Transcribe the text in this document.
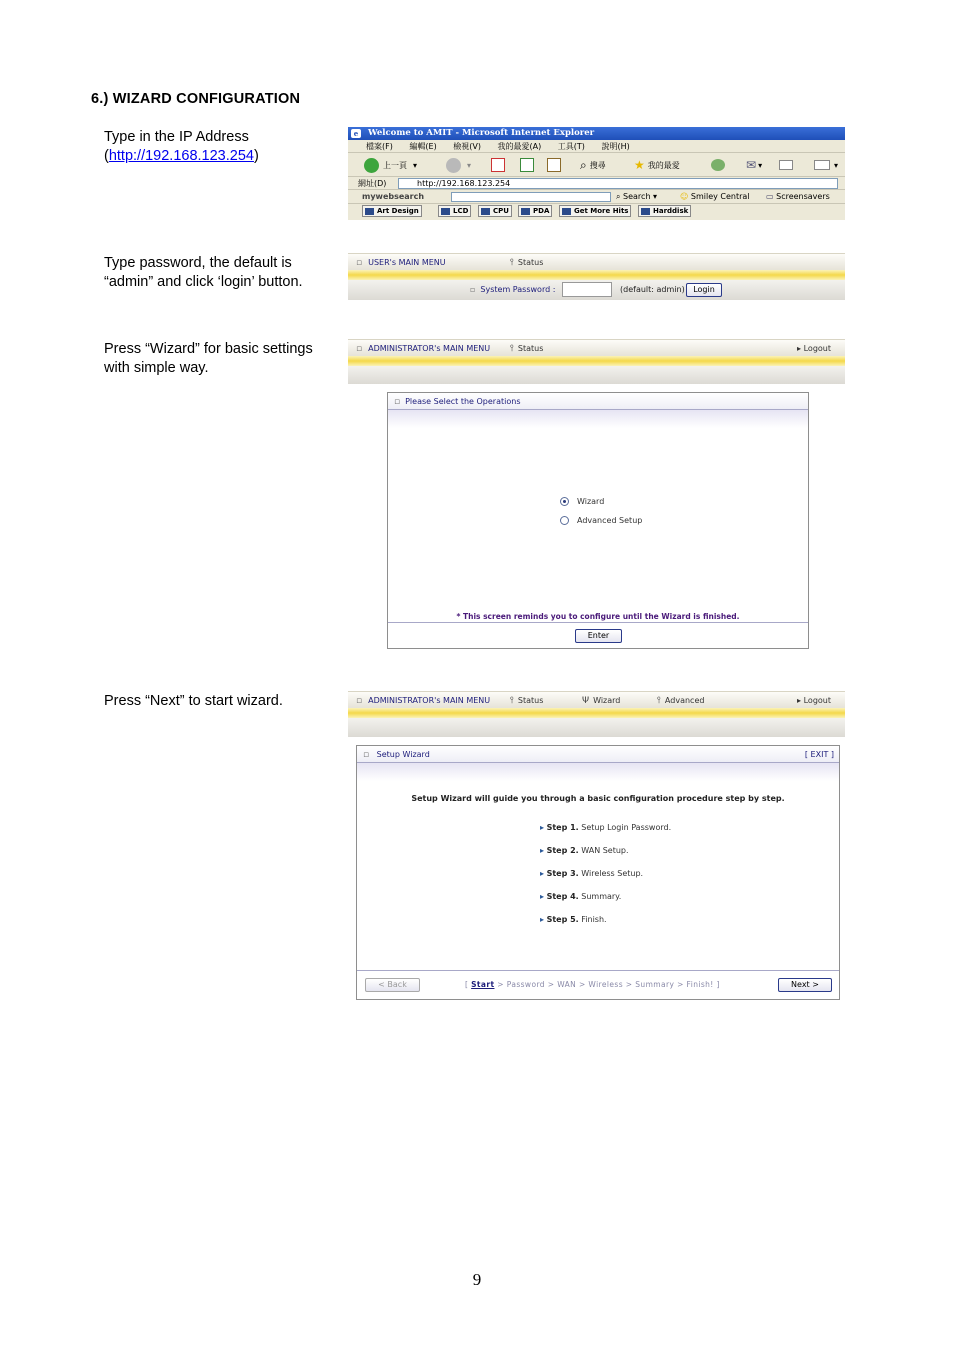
6.) WIZARD CONFIGURATION
Type in the IP Address (http://192.168.123.254)
e	Welcome to AMIT - Microsoft Internet Explorer
檔案(F) 編輯(E) 檢視(V) 我的最愛(A) 工具(T) 說明(H)
上一頁 ▾	▾	⌕ 搜尋 ★ 我的最愛	✉ ▾	▾
網址(D)	http://192.168.123.254
mywebsearch	⌕ Search ▾	☺ Smiley Central ▭ Screensavers
Art Design	LCD	CPU	PDA	Get More Hits	Harddisk
Type password, the default is “admin” and click ‘login’ button.
▫ USER's MAIN MENU	⫯ Status
▫ System Password :	(default: admin)	Login
Press “Wizard” for basic settings with simple way.
▫ ADMINISTRATOR's MAIN MENU ⫯ Status	▸ Logout
▫ Please Select the Operations
Wizard
Advanced Setup
* This screen reminds you to configure until the Wizard is finished.
Enter
Press “Next” to start wizard.	▫ ADMINISTRATOR's MAIN MENU ⫯ Status	Ψ Wizard	⫯ Advanced	▸ Logout
▫ Setup Wizard	[ EXIT ]
Setup Wizard will guide you through a basic configuration procedure step by step.
▸ Step 1. Setup Login Password.
▸ Step 2. WAN Setup.
▸ Step 3. Wireless Setup.
▸ Step 4. Summary.
▸ Step 5. Finish.
< Back	[ Start > Password > WAN > Wireless > Summary > Finish! ]	Next >
9
